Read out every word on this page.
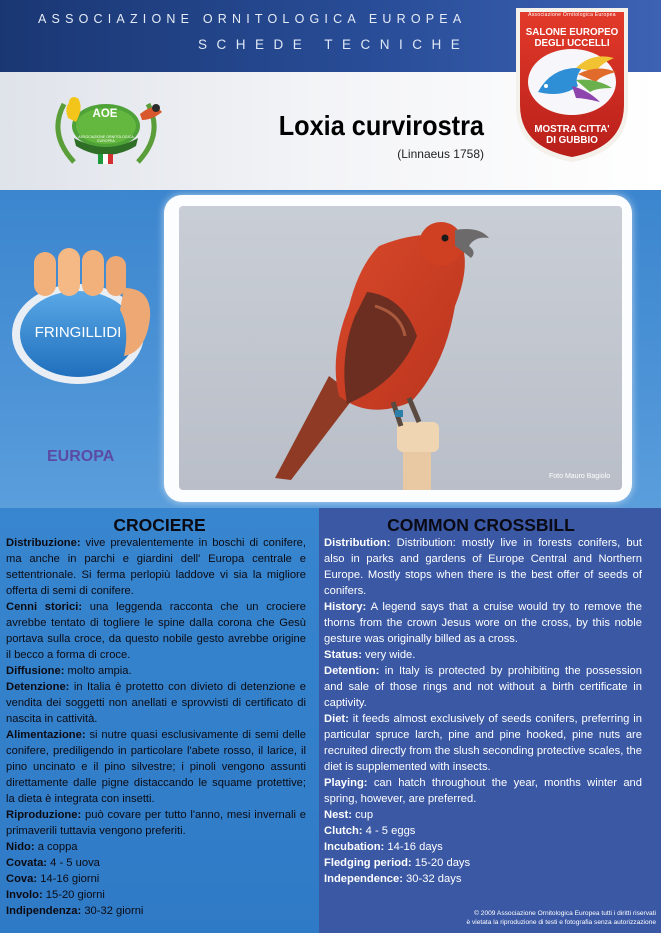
ASSOCIAZIONE ORNITOLOGICA EUROPEA
SCHEDE TECNICHE
Associazione Ornitologica Europea
SALONE EUROPEO
DEGLI UCCELLI
MOSTRA CITTA'
DI GUBBIO
AOE
ASSOCIAZIONE ORNITOLOGICA
EUROPEA	Loxia curvirostra
(Linnaeus 1758)
FRINGILLIDI
EUROPA
Foto Mauro Bagiolo
CROCIERE	COMMON CROSSBILL

Distribuzione: vive prevalentemente in boschi di conifere, ma anche in parchi e giardini dell' Europa centrale e settentrionale. Si ferma perlopiù laddove vi sia la migliore offerta di semi di conifere.

Cenni storici: una leggenda racconta che un crociere avrebbe tentato di togliere le spine dalla corona che Gesù portava sulla croce, da questo nobile gesto avrebbe origine il becco a forma di croce.

Diffusione: molto ampia.

Detenzione: in Italia è protetto con divieto di detenzione e vendita dei soggetti non anellati e sprovvisti di certificato di nascita in cattività.

Alimentazione: si nutre quasi esclusivamente di semi delle conifere, prediligendo in particolare l'abete rosso, il larice, il pino uncinato e il pino silvestre; i pinoli vengono assunti direttamente dalle pigne distaccando le squame protettive; la dieta è integrata con insetti.

Riproduzione: può covare per tutto l'anno, mesi invernali e primaverili tuttavia vengono preferiti.

Nido: a coppa

Covata: 4 - 5 uova

Cova: 14-16 giorni

Involo: 15-20 giorni

Indipendenza: 30-32 giorni

Distribution: Distribution: mostly live in forests conifers, but also in parks and gardens of Europe Central and Northern Europe. Mostly stops when there is the best offer of seeds of conifers.

History: A legend says that a cruise would try to remove the thorns from the crown Jesus wore on the cross, by this noble gesture was originally billed as a cross.

Status: very wide.

Detention: in Italy is protected by prohibiting the possession and sale of those rings and not without a birth certificate in captivity.

Diet: it feeds almost exclusively of seeds conifers, preferring in particular spruce larch, pine and pine hooked, pine nuts are recruited directly from the slush seconding protective scales, the diet is supplemented with insects.

Playing: can hatch throughout the year, months winter and spring, however, are preferred.

Nest: cup

Clutch: 4 - 5 eggs

Incubation: 14-16 days

Fledging period: 15-20 days

Independence: 30-32 days

© 2009 Associazione Ornitologica Europea tutti i diritti riservati
è vietata la riproduzione di testi e fotografia senza autorizzazione
